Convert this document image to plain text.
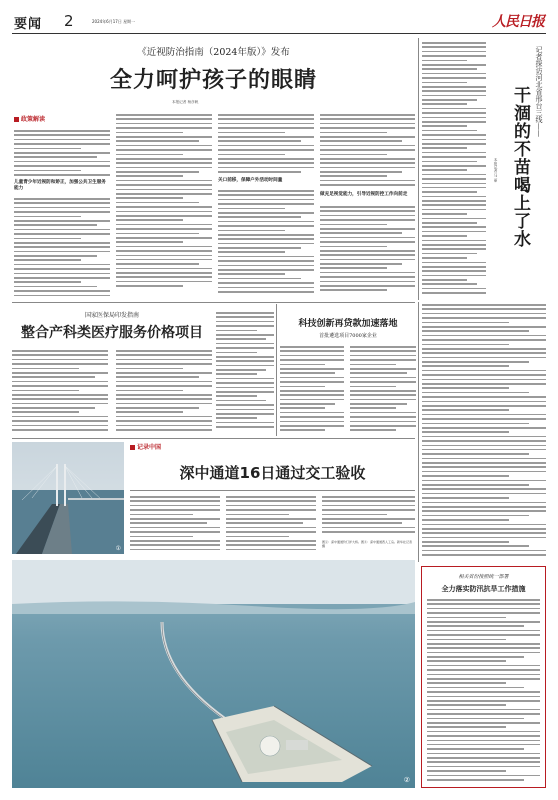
要闻 2	2024年6月17日 星期一	人民日报
《近视防治指南（2024年版）》发布
全力呵护孩子的眼睛
本报记者 杨彦帆
政策解读
儿童青少年近视防和矫正，加强公共卫生服务能力
关口前移，保障户外活动时间量
做充足视觉能力，引导近视防控工作向前走
记者探访河北省邢台三线——
干涸的不苗喝上了水
本报记者 马 丽
国家医保局印发指南
整合产科类医疗服务价格项目
科技创新再贷款加速落地
首批遴选项目7000家企业
记录中国
①
深中通道16日通过交工验收
图①：深中通道伶仃洋大桥。图②：深中通道西人工岛。新华社记者 摄
②
相关省份按照统一部署
全力落实防汛抗旱工作措施
